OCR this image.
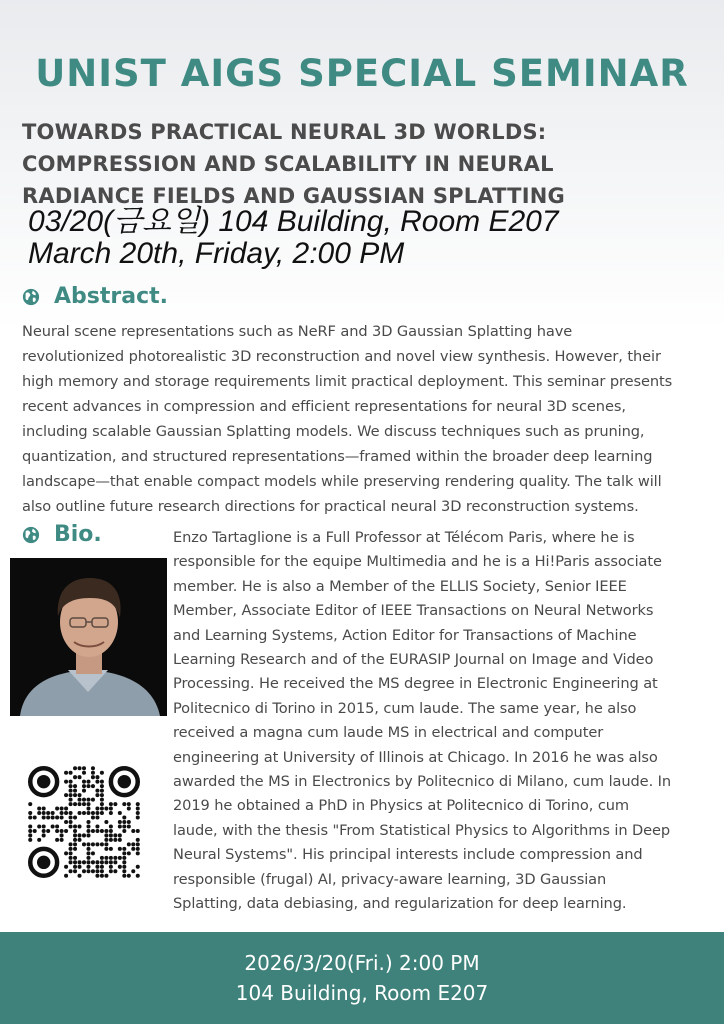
UNIST AIGS SPECIAL SEMINAR
TOWARDS PRACTICAL NEURAL 3D WORLDS:
COMPRESSION AND SCALABILITY IN NEURAL
RADIANCE FIELDS AND GAUSSIAN SPLATTING
03/20(금요일) 104 Building, Room E207
March 20th, Friday, 2:00 PM
Abstract.
Neural scene representations such as NeRF and 3D Gaussian Splatting have
revolutionized photorealistic 3D reconstruction and novel view synthesis. However, their
high memory and storage requirements limit practical deployment. This seminar presents
recent advances in compression and efficient representations for neural 3D scenes,
including scalable Gaussian Splatting models. We discuss techniques such as pruning,
quantization, and structured representations—framed within the broader deep learning
landscape—that enable compact models while preserving rendering quality. The talk will
also outline future research directions for practical neural 3D reconstruction systems.
Bio.	Enzo Tartaglione is a Full Professor at Télécom Paris, where he is
responsible for the equipe Multimedia and he is a Hi!Paris associate
member. He is also a Member of the ELLIS Society, Senior IEEE
Member, Associate Editor of IEEE Transactions on Neural Networks
and Learning Systems, Action Editor for Transactions of Machine
Learning Research and of the EURASIP Journal on Image and Video
Processing. He received the MS degree in Electronic Engineering at
Politecnico di Torino in 2015, cum laude. The same year, he also
received a magna cum laude MS in electrical and computer
engineering at University of Illinois at Chicago. In 2016 he was also
awarded the MS in Electronics by Politecnico di Milano, cum laude. In
2019 he obtained a PhD in Physics at Politecnico di Torino, cum
laude, with the thesis "From Statistical Physics to Algorithms in Deep
Neural Systems". His principal interests include compression and
responsible (frugal) AI, privacy-aware learning, 3D Gaussian
Splatting, data debiasing, and regularization for deep learning.
2026/3/20(Fri.) 2:00 PM
104 Building, Room E207
